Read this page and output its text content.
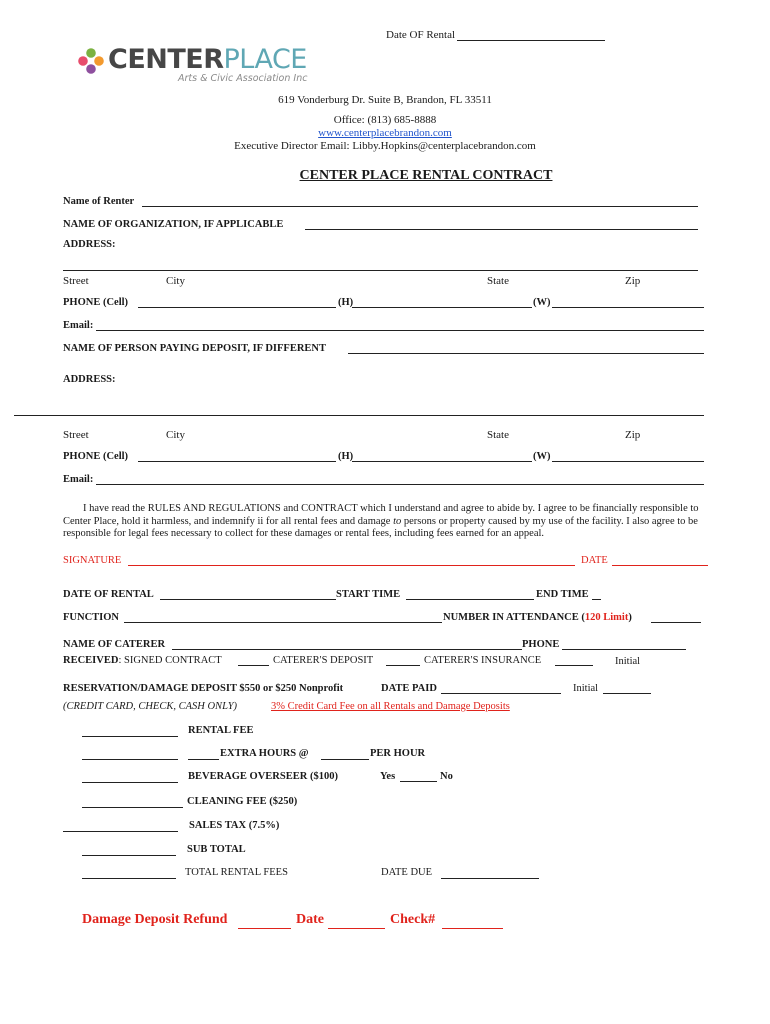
Date OF Rental
CENTERPLACE
Arts & Civic Association Inc
619 Vonderburg Dr. Suite B, Brandon, FL 33511
Office: (813) 685-8888
www.centerplacebrandon.com
Executive Director Email: Libby.Hopkins@centerplacebrandon.com
CENTER PLACE RENTAL CONTRACT
Name of Renter
NAME OF ORGANIZATION, IF APPLICABLE
ADDRESS:
Street	City	State	Zip
PHONE (Cell)	(H)	(W)
Email:
NAME OF PERSON PAYING DEPOSIT, IF DIFFERENT
ADDRESS:
Street	City	State	Zip
PHONE (Cell)	(H)	(W)
Email:
I have read the RULES AND REGULATIONS and CONTRACT which I understand and agree to abide by. I agree to be financially responsible to Center Place, hold it harmless, and indemnify ii for all rental fees and damage to persons or property caused by my use of the facility. I also agree to be responsible for legal fees necessary to collect for these damages or rental fees, including fees earned for an appeal.
SIGNATURE	DATE
DATE OF RENTAL	START TIME	END TIME
FUNCTION	NUMBER IN ATTENDANCE (120 Limit)
NAME OF CATERER	PHONE
RECEIVED: SIGNED CONTRACT	CATERER'S DEPOSIT	CATERER'S INSURANCE	Initial
RESERVATION/DAMAGE DEPOSIT $550 or $250 Nonprofit	DATE PAID	Initial
(CREDIT CARD, CHECK, CASH ONLY)	3% Credit Card Fee on all Rentals and Damage Deposits
RENTAL FEE
EXTRA HOURS @	PER HOUR
BEVERAGE OVERSEER ($100)	Yes	No
CLEANING FEE ($250)
SALES TAX (7.5%)
SUB TOTAL
TOTAL RENTAL FEES	DATE DUE
Damage Deposit Refund	Date	Check#
